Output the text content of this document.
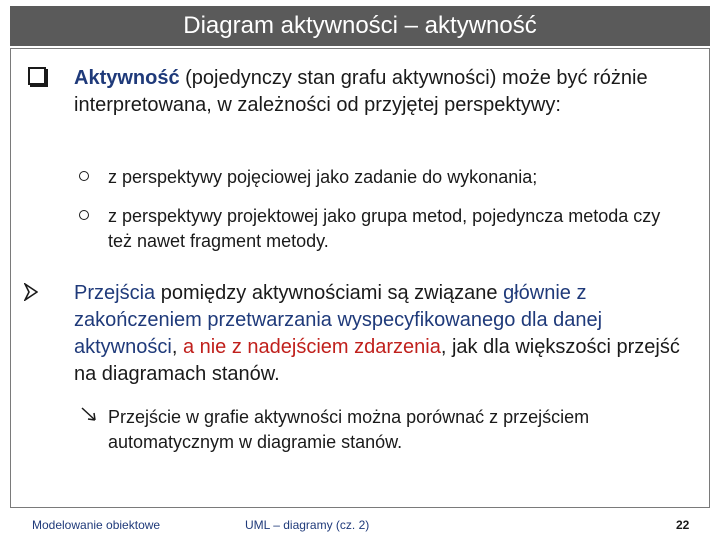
Diagram aktywności – aktywność
Aktywność (pojedynczy stan grafu aktywności) może być różnie interpretowana, w zależności od przyjętej perspektywy:
z perspektywy pojęciowej jako zadanie do wykonania;
z perspektywy projektowej jako grupa metod, pojedyncza metoda czy też nawet fragment metody.
Przejścia pomiędzy aktywnościami są związane głównie z zakończeniem przetwarzania wyspecyfikowanego dla danej aktywności, a nie z nadejściem zdarzenia, jak dla większości przejść na diagramach stanów.
Przejście w grafie aktywności można porównać z przejściem automatycznym w diagramie stanów.
Modelowanie obiektowe	UML – diagramy (cz. 2)	22
